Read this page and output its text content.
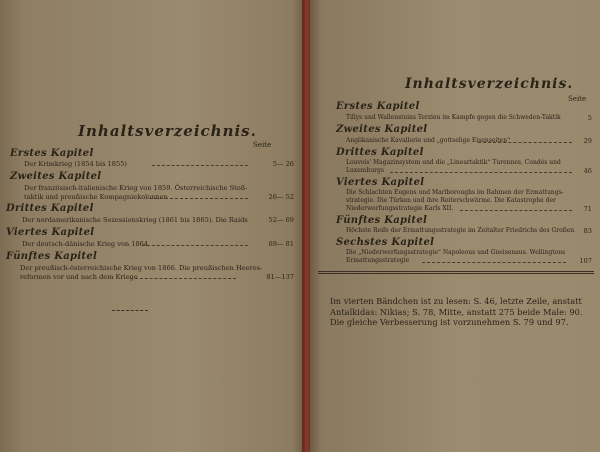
Inhaltsverzeichnis.
Seite
Erstes Kapitel
Der Krimkrieg (1854 bis 1855)	5— 26
Zweites Kapitel
Der französisch-italienische Krieg von 1859. Österreichische Stoß-
taktik und preußische Kompagniekolonnen	26— 52
Drittes Kapitel
Der nordamerikanische Sezessionskrieg (1861 bis 1865). Die Raids	52— 69
Viertes Kapitel
Der deutsch-dänische Krieg von 1864	69— 81
Fünftes Kapitel
Der preußisch-österreichische Krieg von 1866. Die preußischen Heeres-
reformen vor und nach dem Kriege	81—137
Inhaltsverzeichnis.
Seite
Erstes Kapitel
Tillys und Wallensteins Terzien im Kampfe gegen die Schweden-Taktik	5
Zweites Kapitel
Anglikanische Kavallerie und „gottselige Eisenseiten“	29
Drittes Kapitel
Louvois' Magazinsystem und die „Lineartaktik“ Turennes, Condés und
Luxemburgs	46
Viertes Kapitel
Die Schlachten Eugens und Marlboroughs im Rahmen der Ermattungs-
strategie. Die Türken und ihre Reiterschwärme. Die Katastrophe der
Niederwerfungsstrategie Karls XII.	71
Fünftes Kapitel
Höchste Reife der Ermattungsstrategie im Zeitalter Friedrichs des Großen	83
Sechstes Kapitel
Die „Niederwerfungsstrategie“ Napoleons und Gneisenaus. Wellingtons
Ermattungsstrategie	107
Im vierten Bändchen ist zu lesen: S. 46, letzte Zeile, anstatt Antalkidas: Nikias; S. 78, Mitte, anstatt 275 beide Male: 90. Die gleiche Verbesserung ist vorzunehmen S. 79 und 97.
